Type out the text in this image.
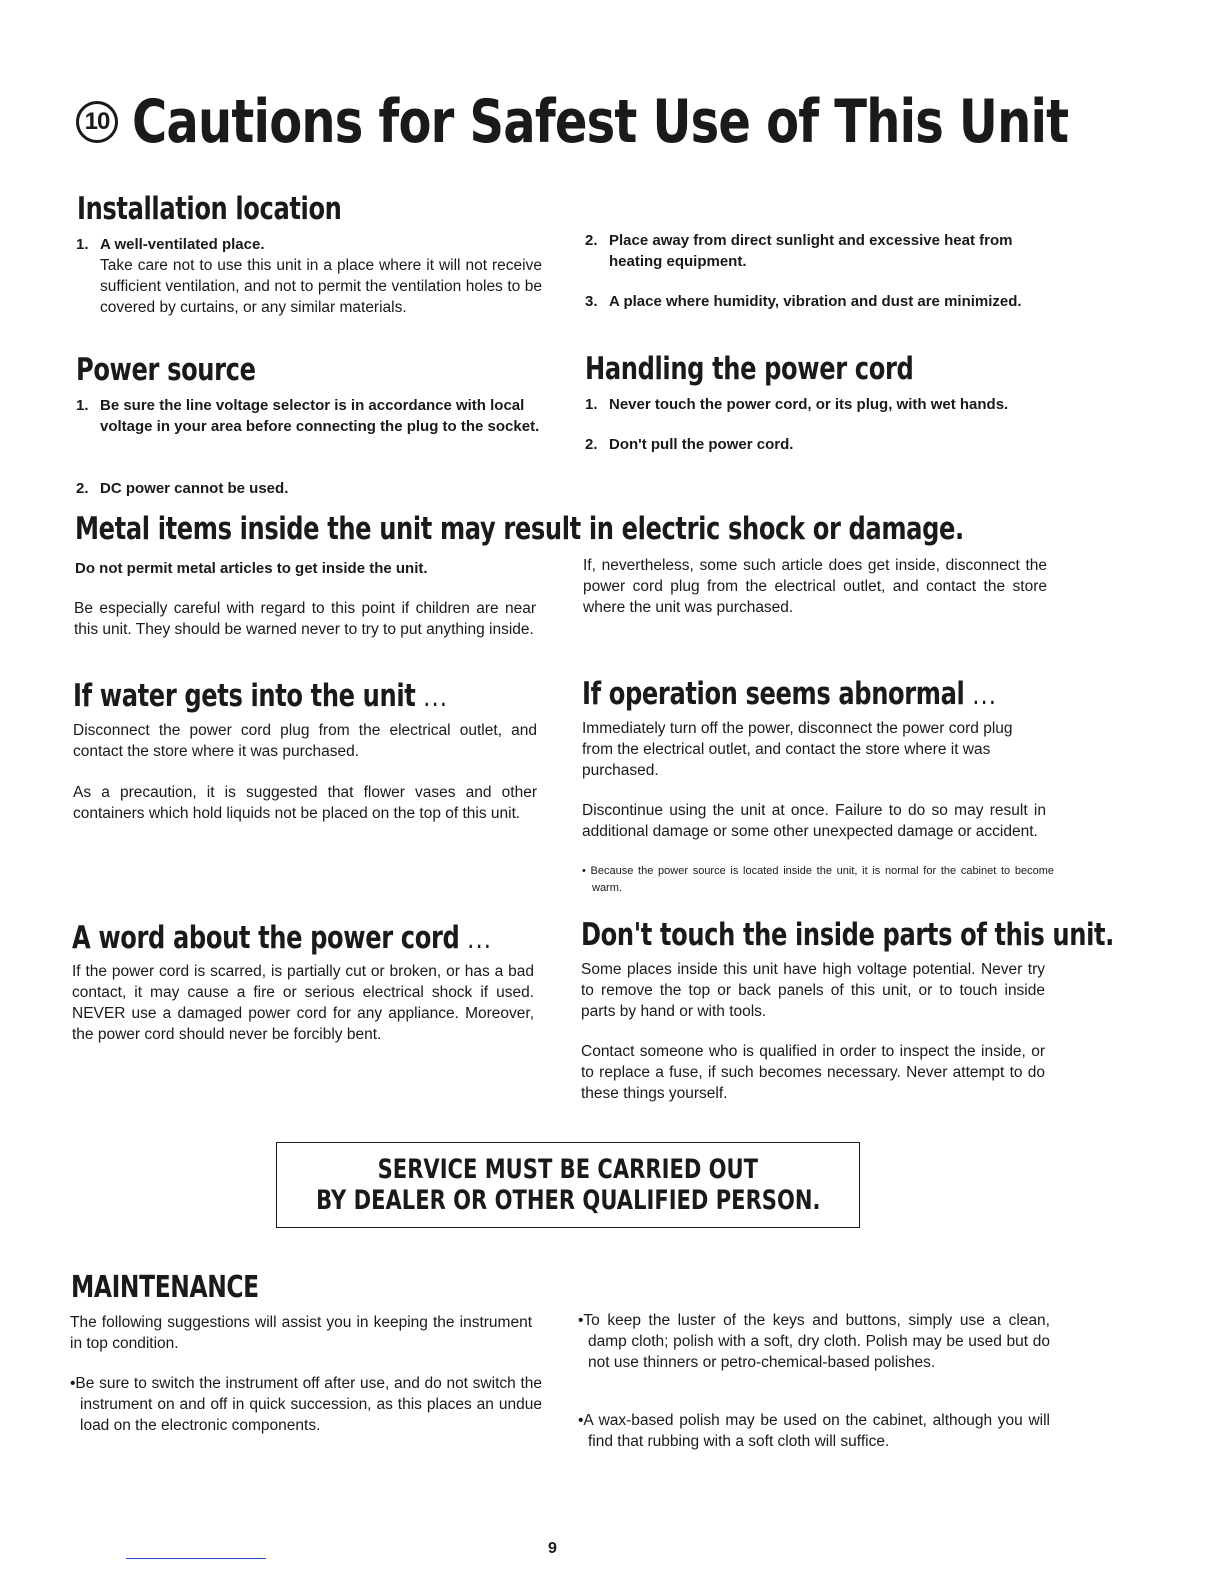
10 Cautions for Safest Use of This Unit
Installation location
1. A well-ventilated place.
Take care not to use this unit in a place where it will not receive sufficient ventilation, and not to permit the ventilation holes to be covered by curtains, or any similar materials.
2. Place away from direct sunlight and excessive heat from heating equipment.
3. A place where humidity, vibration and dust are minimized.
Power source
1. Be sure the line voltage selector is in accordance with local voltage in your area before connecting the plug to the socket.
2. DC power cannot be used.
Handling the power cord
1. Never touch the power cord, or its plug, with wet hands.
2. Don't pull the power cord.
Metal items inside the unit may result in electric shock or damage.
Do not permit metal articles to get inside the unit.
Be especially careful with regard to this point if children are near this unit. They should be warned never to try to put anything inside.
If, nevertheless, some such article does get inside, disconnect the power cord plug from the electrical outlet, and contact the store where the unit was purchased.
If water gets into the unit ...
Disconnect the power cord plug from the electrical outlet, and contact the store where it was purchased.
As a precaution, it is suggested that flower vases and other containers which hold liquids not be placed on the top of this unit.
If operation seems abnormal ...
Immediately turn off the power, disconnect the power cord plug from the electrical outlet, and contact the store where it was purchased.
Discontinue using the unit at once. Failure to do so may result in additional damage or some other unexpected damage or accident.
• Because the power source is located inside the unit, it is normal for the cabinet to become warm.
A word about the power cord ...
If the power cord is scarred, is partially cut or broken, or has a bad contact, it may cause a fire or serious electrical shock if used. NEVER use a damaged power cord for any appliance. Moreover, the power cord should never be forcibly bent.
Don't touch the inside parts of this unit.
Some places inside this unit have high voltage potential. Never try to remove the top or back panels of this unit, or to touch inside parts by hand or with tools.
Contact someone who is qualified in order to inspect the inside, or to replace a fuse, if such becomes necessary. Never attempt to do these things yourself.
SERVICE MUST BE CARRIED OUT
BY DEALER OR OTHER QUALIFIED PERSON.
MAINTENANCE
The following suggestions will assist you in keeping the instrument in top condition.
•Be sure to switch the instrument off after use, and do not switch the instrument on and off in quick succession, as this places an undue load on the electronic components.
•To keep the luster of the keys and buttons, simply use a clean, damp cloth; polish with a soft, dry cloth. Polish may be used but do not use thinners or petro-chemical-based polishes.
•A wax-based polish may be used on the cabinet, although you will find that rubbing with a soft cloth will suffice.
9
